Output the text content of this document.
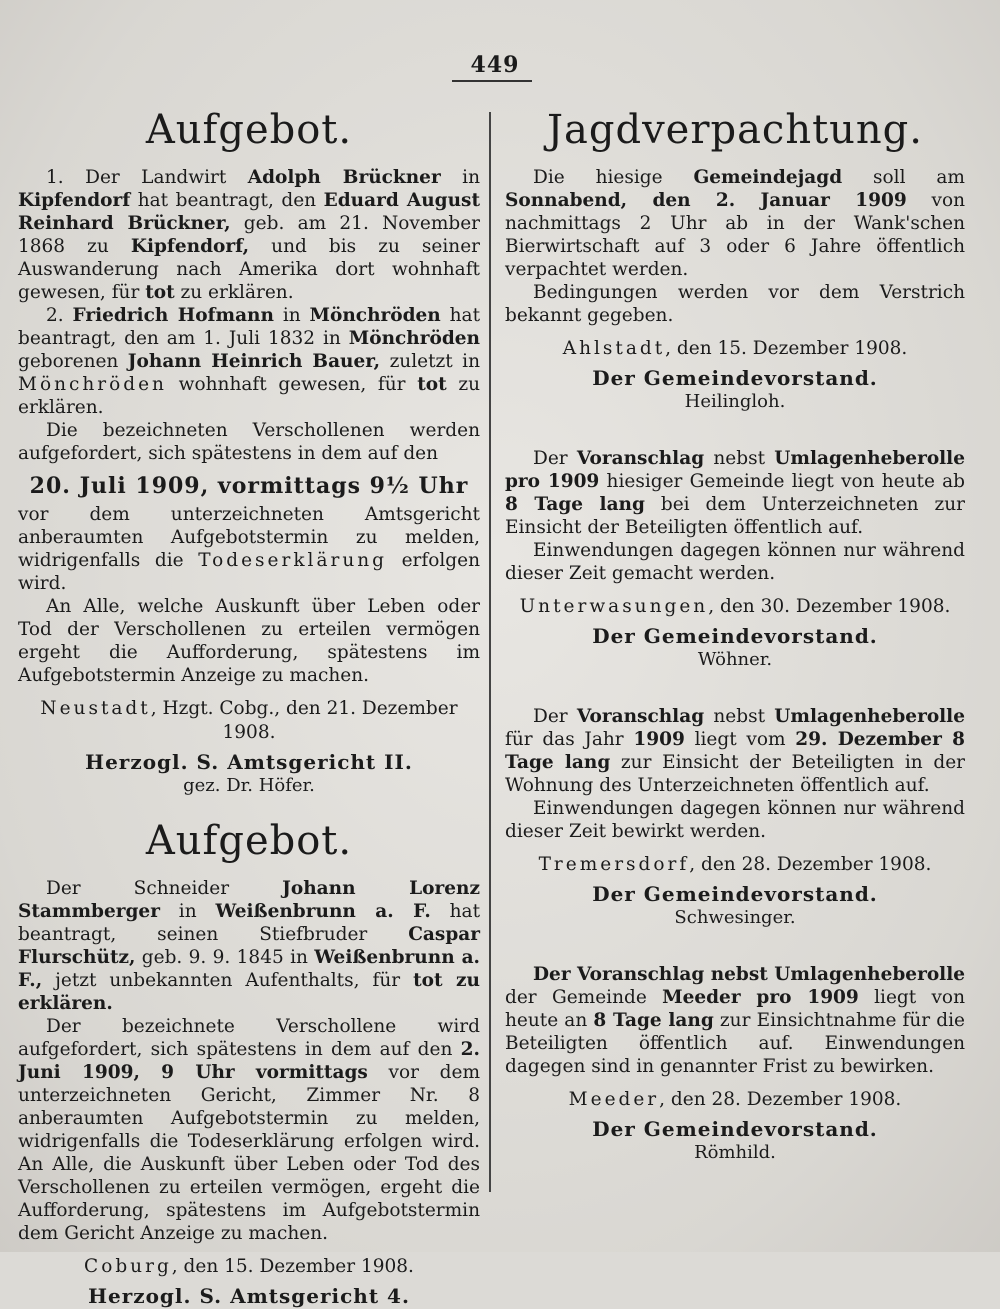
449
Aufgebot.

1. Der Landwirt Adolph Brückner in Kipfendorf hat beantragt, den Eduard August Reinhard Brückner, geb. am 21. November 1868 zu Kipfendorf, und bis zu seiner Auswanderung nach Amerika dort wohnhaft gewesen, für tot zu erklären.

2. Friedrich Hofmann in Mönchröden hat beantragt, den am 1. Juli 1832 in Mönchröden geborenen Johann Heinrich Bauer, zuletzt in Mönchröden wohnhaft gewesen, für tot zu erklären.

Die bezeichneten Verschollenen werden aufgefordert, sich spätestens in dem auf den

20. Juli 1909, vormittags 9½ Uhr

vor dem unterzeichneten Amtsgericht anberaumten Aufgebotstermin zu melden, widrigenfalls die Todeserklärung erfolgen wird.

An Alle, welche Auskunft über Leben oder Tod der Verschollenen zu erteilen vermögen ergeht die Aufforderung, spätestens im Aufgebotstermin Anzeige zu machen.

Neustadt, Hzgt. Cobg., den 21. Dezember 1908.
Herzogl. S. Amtsgericht II.
gez. Dr. Höfer.
Aufgebot.

Der Schneider Johann Lorenz Stammberger in Weißenbrunn a. F. hat beantragt, seinen Stiefbruder Caspar Flurschütz, geb. 9. 9. 1845 in Weißenbrunn a. F., jetzt unbekannten Aufenthalts, für tot zu erklären.

Der bezeichnete Verschollene wird aufgefordert, sich spätestens in dem auf den 2. Juni 1909, 9 Uhr vormittags vor dem unterzeichneten Gericht, Zimmer Nr. 8 anberaumten Aufgebotstermin zu melden, widrigenfalls die Todeserklärung erfolgen wird. An Alle, die Auskunft über Leben oder Tod des Verschollenen zu erteilen vermögen, ergeht die Aufforderung, spätestens im Aufgebotstermin dem Gericht Anzeige zu machen.

Coburg, den 15. Dezember 1908.
Herzogl. S. Amtsgericht 4.
Jagdverpachtung.

Die hiesige Gemeindejagd soll am Sonnabend, den 2. Januar 1909 von nachmittags 2 Uhr ab in der Wank'schen Bierwirtschaft auf 3 oder 6 Jahre öffentlich verpachtet werden.

Bedingungen werden vor dem Verstrich bekannt gegeben.

Ahlstadt, den 15. Dezember 1908.
Der Gemeindevorstand.
Heilingloh.

Der Voranschlag nebst Umlagenheberolle pro 1909 hiesiger Gemeinde liegt von heute ab 8 Tage lang bei dem Unterzeichneten zur Einsicht der Beteiligten öffentlich auf.

Einwendungen dagegen können nur während dieser Zeit gemacht werden.

Unterwasungen, den 30. Dezember 1908.
Der Gemeindevorstand.
Wöhner.

Der Voranschlag nebst Umlagenheberolle für das Jahr 1909 liegt vom 29. Dezember 8 Tage lang zur Einsicht der Beteiligten in der Wohnung des Unterzeichneten öffentlich auf.

Einwendungen dagegen können nur während dieser Zeit bewirkt werden.

Tremersdorf, den 28. Dezember 1908.
Der Gemeindevorstand.
Schwesinger.

Der Voranschlag nebst Umlagenheberolle der Gemeinde Meeder pro 1909 liegt von heute an 8 Tage lang zur Einsichtnahme für die Beteiligten öffentlich auf. Einwendungen dagegen sind in genannter Frist zu bewirken.

Meeder, den 28. Dezember 1908.
Der Gemeindevorstand.
Römhild.
